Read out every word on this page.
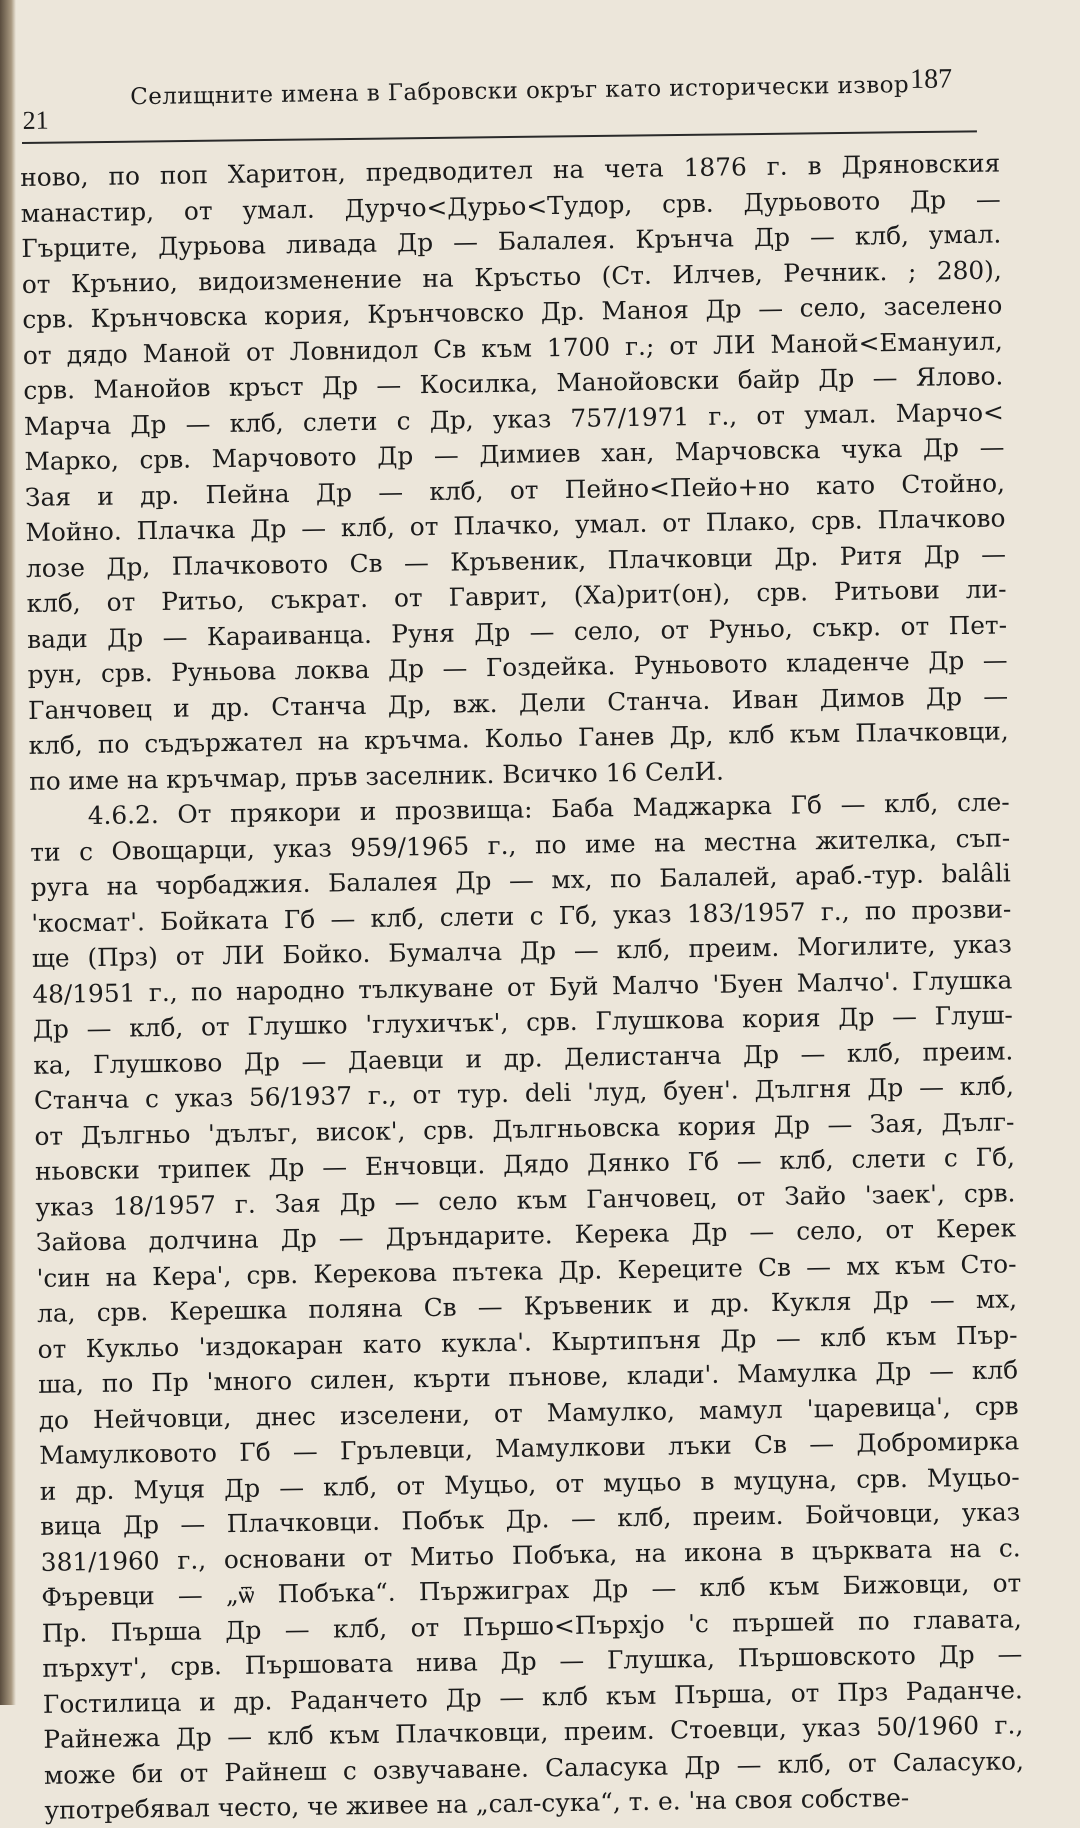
21
Селищните имена в Габровски окръг като исторически извор 187
ново, по поп Харитон, предводител на чета 1876 г. в Дряновския
манастир, от умал. Дурчо<Дурьо<Тудор, срв. Дурьовото Др —
Гърците, Дурьова ливада Др — Балалея. Крънча Др — клб, умал.
от Крънио, видоизменение на Кръстьо (Ст. Илчев, Речник. ; 280),
срв. Крънчовска кория, Крънчовско Др. Маноя Др — село, заселено
от дядо Маной от Ловнидол Св към 1700 г.; от ЛИ Маной<Емануил,
срв. Манойов кръст Др — Косилка, Манойовски байр Др — Ялово.
Марча Др — клб, слети с Др, указ 757/1971 г., от умал. Марчо<
Марко, срв. Марчовото Др — Димиев хан, Марчовска чука Др —
Зая и др. Пейна Др — клб, от Пейно<Пейо+но като Стойно,
Мойно. Плачка Др — клб, от Плачко, умал. от Плако, срв. Плачково
лозе Др, Плачковото Св — Кръвеник, Плачковци Др. Ритя Др —
клб, от Ритьо, съкрат. от Гаврит, (Ха)рит(он), срв. Ритьови ли-
вади Др — Караиванца. Руня Др — село, от Руньо, съкр. от Пет-
рун, срв. Руньова локва Др — Гоздейка. Руньовото кладенче Др —
Ганчовец и др. Станча Др, вж. Дели Станча. Иван Димов Др —
клб, по съдържател на кръчма. Кольо Ганев Др, клб към Плачковци,
по име на кръчмар, пръв заселник. Всичко 16 СелИ.
4.6.2. От прякори и прозвища: Баба Маджарка Гб — клб, сле-
ти с Овощарци, указ 959/1965 г., по име на местна жителка, съп-
руга на чорбаджия. Балалея Др — мх, по Балалей, араб.-тур. balâli
'космат'. Бойката Гб — клб, слети с Гб, указ 183/1957 г., по прозви-
ще (Прз) от ЛИ Бойко. Бумалча Др — клб, преим. Могилите, указ
48/1951 г., по народно тълкуване от Буй Малчо 'Буен Малчо'. Глушка
Др — клб, от Глушко 'глухичък', срв. Глушкова кория Др — Глуш-
ка, Глушково Др — Даевци и др. Делистанча Др — клб, преим.
Станча с указ 56/1937 г., от тур. deli 'луд, буен'. Дългня Др — клб,
от Дългньо 'дълъг, висок', срв. Дългньовска кория Др — Зая, Дълг-
ньовски трипек Др — Енчовци. Дядо Дянко Гб — клб, слети с Гб,
указ 18/1957 г. Зая Др — село към Ганчовец, от Зайо 'заек', срв.
Зайова долчина Др — Дръндарите. Керека Др — село, от Керек
'син на Кера', срв. Керекова пътека Др. Кереците Св — мх към Сто-
ла, срв. Керешка поляна Св — Кръвеник и др. Кукля Др — мх,
от Кукльо 'издокаран като кукла'. Кыртипъня Др — клб към Пър-
ша, по Пр 'много силен, кърти пънове, клади'. Мамулка Др — клб
до Нейчовци, днес изселени, от Мамулко, мамул 'царевица', срв
Мамулковото Гб — Грълевци, Мамулкови лъки Св — Добромирка
и др. Муця Др — клб, от Муцьо, от муцьо в муцуна, срв. Муцьо-
вица Др — Плачковци. Побък Др. — клб, преим. Бойчовци, указ
381/1960 г., основани от Митьо Побъка, на икона в църквата на с.
Фъревци — „ѿ Побъка“. Пържиграх Др — клб към Бижовци, от
Пр. Пърша Др — клб, от Пършо<Пърхјо 'с пършей по главата,
пърхут', срв. Пършовата нива Др — Глушка, Пършовското Др —
Гостилица и др. Раданчето Др — клб към Пърша, от Прз Раданче.
Райнежа Др — клб към Плачковци, преим. Стоевци, указ 50/1960 г.,
може би от Райнеш с озвучаване. Саласука Др — клб, от Саласуко,
употребявал често, че живее на „сал-сука“, т. е. 'на своя собстве-
